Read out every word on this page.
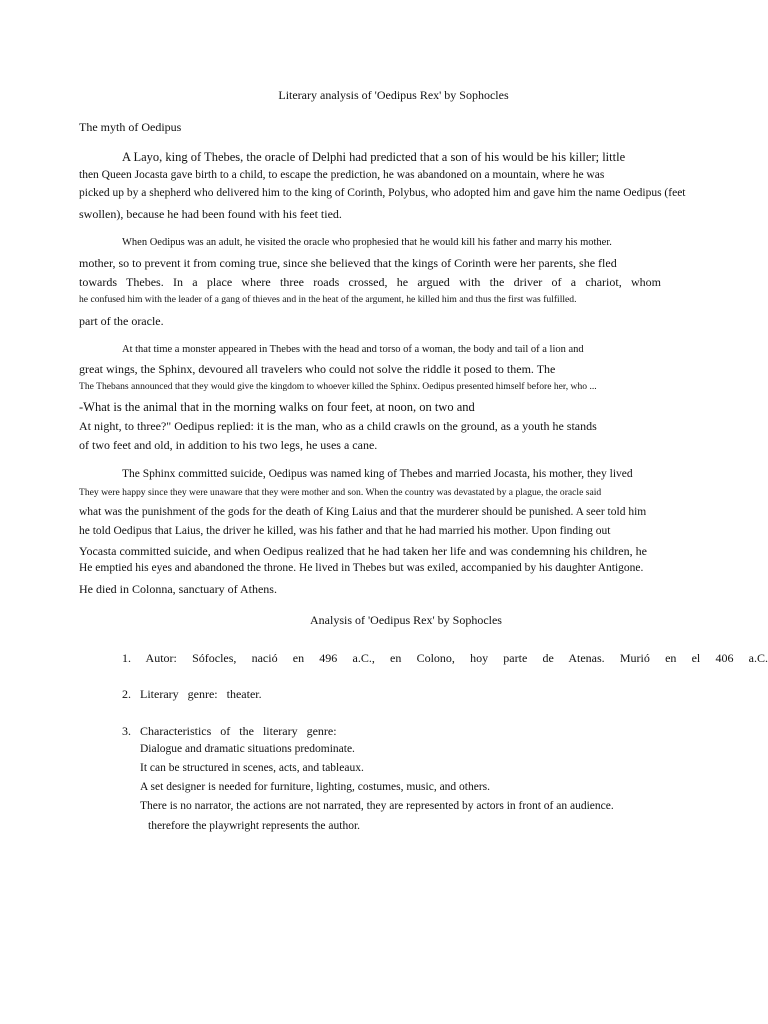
Literary analysis of 'Oedipus Rex' by Sophocles
The myth of Oedipus
A Layo, king of Thebes, the oracle of Delphi had predicted that a son of his would be his killer; little
then Queen Jocasta gave birth to a child, to escape the prediction, he was abandoned on a mountain, where he was
picked up by a shepherd who delivered him to the king of Corinth, Polybus, who adopted him and gave him the name Oedipus (feet
swollen), because he had been found with his feet tied.
When Oedipus was an adult, he visited the oracle who prophesied that he would kill his father and marry his mother.
mother, so to prevent it from coming true, since she believed that the kings of Corinth were her parents, she fled
towards Thebes. In a place where three roads crossed, he argued with the driver of a chariot, whom
he confused him with the leader of a gang of thieves and in the heat of the argument, he killed him and thus the first was fulfilled.
part of the oracle.
At that time a monster appeared in Thebes with the head and torso of a woman, the body and tail of a lion and
great wings, the Sphinx, devoured all travelers who could not solve the riddle it posed to them. The
The Thebans announced that they would give the kingdom to whoever killed the Sphinx. Oedipus presented himself before her, who ...
-What is the animal that in the morning walks on four feet, at noon, on two and
At night, to three?" Oedipus replied: it is the man, who as a child crawls on the ground, as a youth he stands
of two feet and old, in addition to his two legs, he uses a cane.
The Sphinx committed suicide, Oedipus was named king of Thebes and married Jocasta, his mother, they lived
They were happy since they were unaware that they were mother and son. When the country was devastated by a plague, the oracle said
what was the punishment of the gods for the death of King Laius and that the murderer should be punished. A seer told him
he told Oedipus that Laius, the driver he killed, was his father and that he had married his mother. Upon finding out
Yocasta committed suicide, and when Oedipus realized that he had taken her life and was condemning his children, he
He emptied his eyes and abandoned the throne. He lived in Thebes but was exiled, accompanied by his daughter Antigone.
He died in Colonna, sanctuary of Athens.
Analysis of 'Oedipus Rex' by Sophocles
1.   Autor:   Sófocles,   nació   en   496   a.C.,   en   Colono,   hoy   parte   de   Atenas.   Murió   en   el   406   a.C.
2.   Literary   genre:   theater.
3.   Characteristics   of   the   literary   genre:
Dialogue and dramatic situations predominate.
It can be structured in scenes, acts, and tableaux.
A set designer is needed for furniture, lighting, costumes, music, and others.
There is no narrator, the actions are not narrated, they are represented by actors in front of an audience.
therefore the playwright represents the author.
